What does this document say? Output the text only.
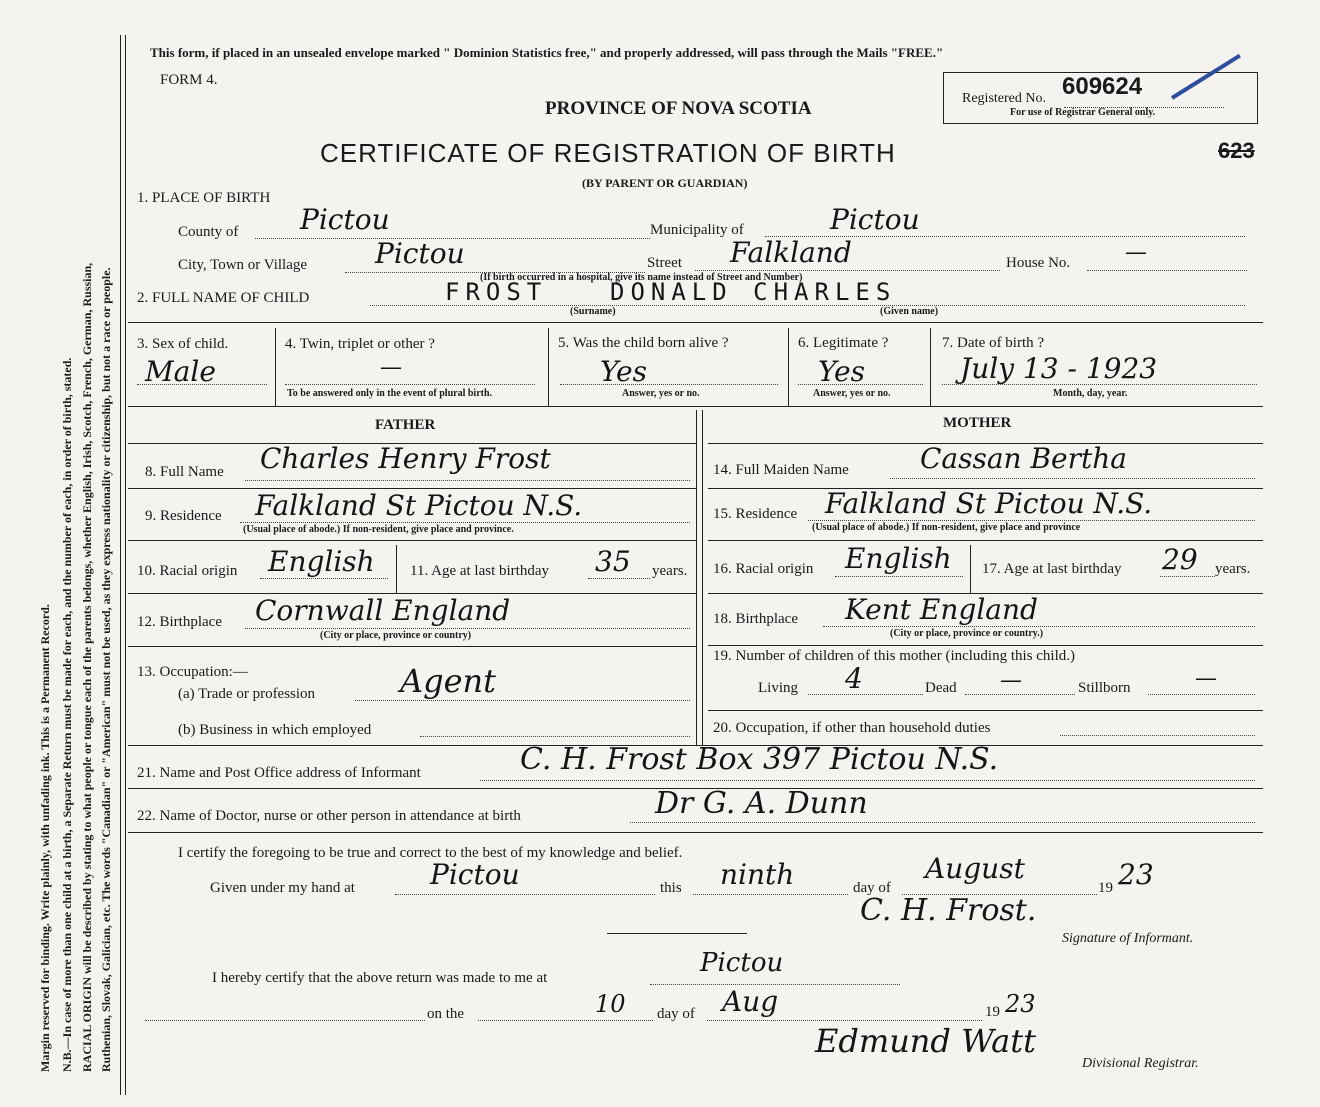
Margin reserved for binding. Write plainly, with unfading ink. This is a Permanent Record. N.B.—In case of more than one child at a birth, a Separate Return must be made for each, and the number of each, in order of birth, stated. RACIAL ORIGIN will be described by stating to what people or tongue each of the parents belongs, whether English, Irish, Scotch, French, German, Russian, Ruthenian, Slovak, Galician, etc. The words "Canadian" or "American" must not be used, as they express nationality or citizenship, but not a race or people.
This form, if placed in an unsealed envelope marked " Dominion Statistics free," and properly addressed, will pass through the Mails "FREE."
FORM 4.
PROVINCE OF NOVA SCOTIA
CERTIFICATE OF REGISTRATION OF BIRTH
(BY PARENT OR GUARDIAN)
Registered No. 609624
For use of Registrar General only.
623
1. PLACE OF BIRTH
County of Pictou	Municipality of	Pictou
City, Town or Village Pictou	Street Falkland	House No. —
(If birth occurred in a hospital, give its name instead of Street and Number)
2. FULL NAME OF CHILD	FROST	DONALD CHARLES
(Surname)	(Given name)
3. Sex of child.
Male
4. Twin, triplet or other ?
—
To be answered only in the event of plural birth.
5. Was the child born alive ?
Yes
Answer, yes or no.
6. Legitimate ?
Yes
Answer, yes or no.
7. Date of birth ?
July 13 - 1923
Month, day, year.
FATHER	MOTHER
8. Full Name Charles Henry Frost
9. Residence Falkland St Pictou N.S.
(Usual place of abode.) If non-resident, give place and province.
10. Racial origin English 11. Age at last birthday 35 years.
12. Birthplace Cornwall England
(City or place, province or country)
13. Occupation:—
(a) Trade or profession	Agent
(b) Business in which employed
14. Full Maiden Name	Cassan Bertha
15. Residence Falkland St Pictou N.S.
(Usual place of abode.) If non-resident, give place and province
16. Racial origin English 17. Age at last birthday 29 years.
18. Birthplace Kent England
(City or place, province or country.)
19. Number of children of this mother (including this child.)
Living 4	Dead —	Stillborn	—
20. Occupation, if other than household duties
21. Name and Post Office address of Informant	C. H. Frost Box 397 Pictou N.S.
22. Name of Doctor, nurse or other person in attendance at birth	Dr G. A. Dunn
I certify the foregoing to be true and correct to the best of my knowledge and belief.
Given under my hand at	Pictou	this ninth	day of
August
19 23
C. H. Frost.
Signature of Informant.
I hereby certify that the above return was made to me at	Pictou
on the	10 day of Aug	19 23
Edmund Watt
Divisional Registrar.
